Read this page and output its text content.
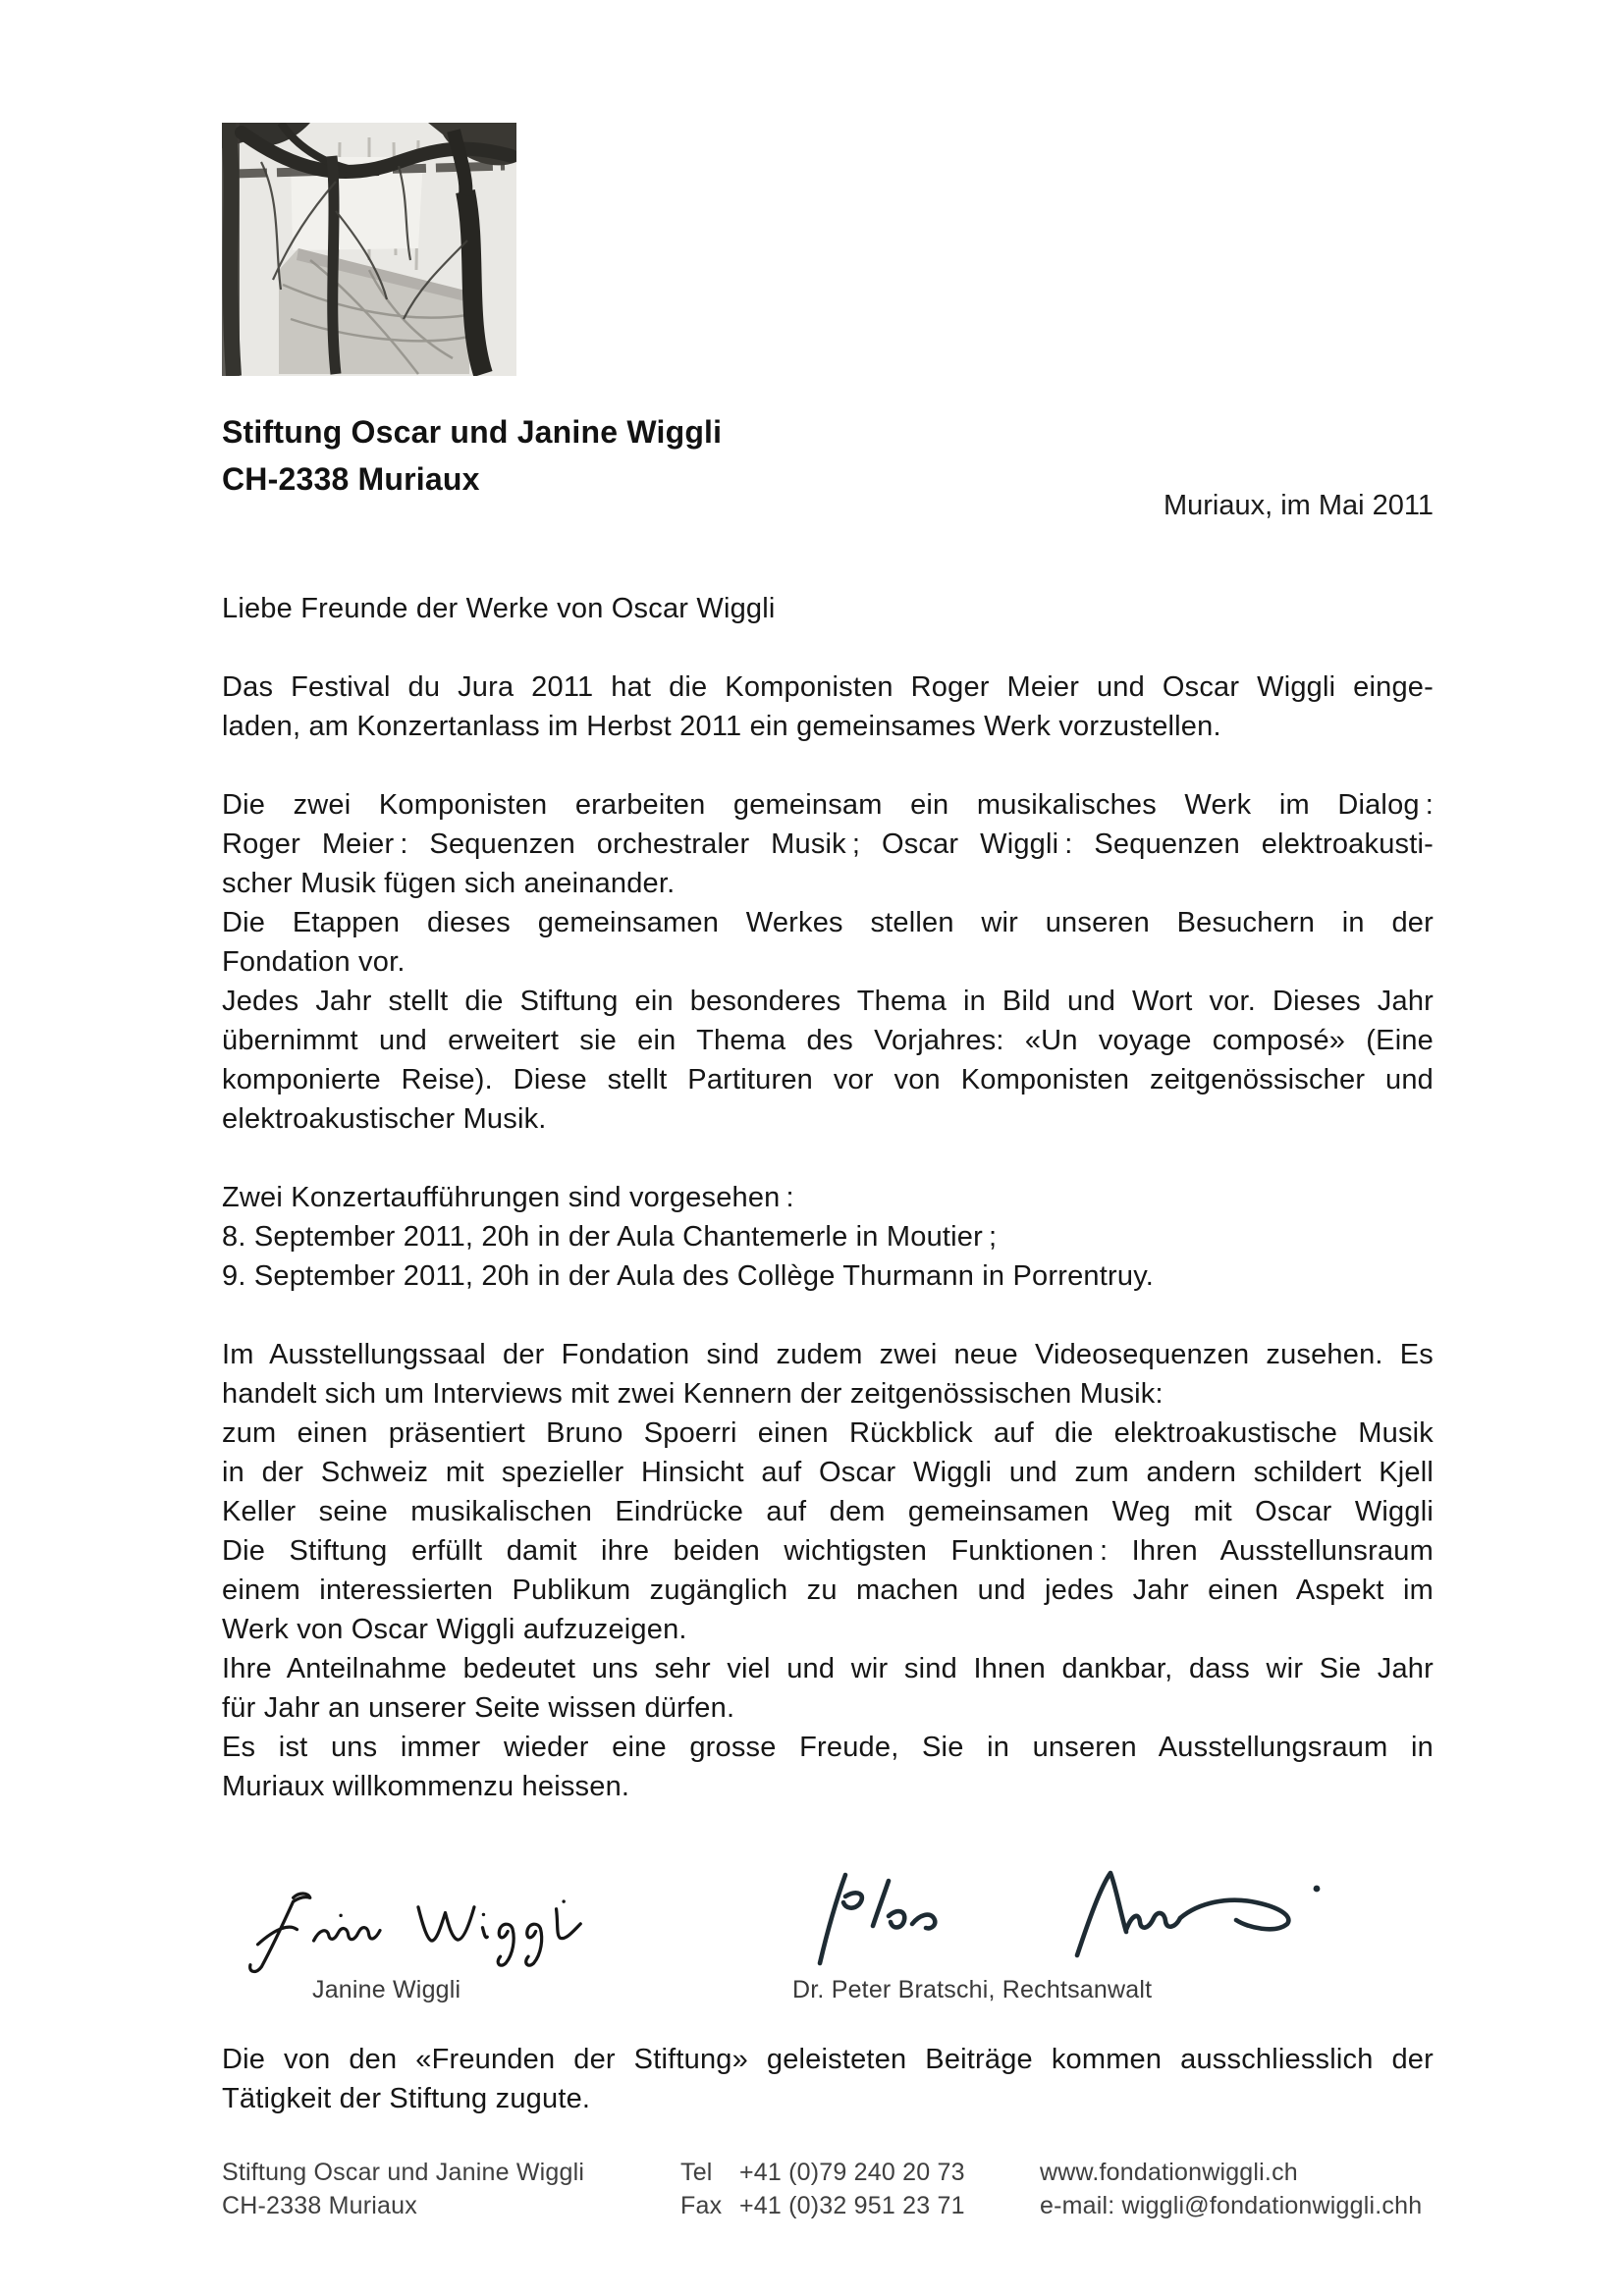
Stiftung Oscar und Janine Wiggli
CH-2338 Muriaux
Muriaux, im Mai 2011
Liebe Freunde der Werke von Oscar Wiggli
Das Festival du Jura 2011 hat die Komponisten Roger Meier und Oscar Wiggli einge-
laden, am Konzertanlass im Herbst 2011 ein gemeinsames Werk vorzustellen.
Die zwei Komponisten erarbeiten gemeinsam ein musikalisches Werk im Dialog :
Roger Meier : Sequenzen orchestraler Musik ; Oscar Wiggli : Sequenzen elektroakusti-
scher Musik fügen sich aneinander.
Die Etappen dieses gemeinsamen Werkes stellen wir unseren Besuchern in der
Fondation vor.
Jedes Jahr stellt die Stiftung ein besonderes Thema in Bild und Wort vor. Dieses Jahr
übernimmt und erweitert sie ein Thema des Vorjahres: «Un voyage composé» (Eine
komponierte Reise). Diese stellt Partituren vor von Komponisten zeitgenössischer und
elektroakustischer Musik.
Zwei Konzertaufführungen sind vorgesehen :
8. September 2011, 20h in der Aula Chantemerle in Moutier ;
9. September 2011, 20h in der Aula des Collège Thurmann in Porrentruy.
Im Ausstellungssaal der Fondation sind zudem zwei neue Videosequenzen zusehen. Es
handelt sich um Interviews mit zwei Kennern der zeitgenössischen Musik:
zum einen präsentiert Bruno Spoerri einen Rückblick auf die elektroakustische Musik
in der Schweiz mit spezieller Hinsicht auf Oscar Wiggli und zum andern schildert Kjell
Keller seine musikalischen Eindrücke auf dem gemeinsamen Weg mit Oscar Wiggli
Die Stiftung erfüllt damit ihre beiden wichtigsten Funktionen : Ihren Ausstellunsraum
einem interessierten Publikum zugänglich zu machen und jedes Jahr einen Aspekt im
Werk von Oscar Wiggli aufzuzeigen.
Ihre Anteilnahme bedeutet uns sehr viel und wir sind Ihnen dankbar, dass wir Sie Jahr
für Jahr an unserer Seite wissen dürfen.
Es ist uns immer wieder eine grosse Freude, Sie in unseren Ausstellungsraum in
Muriaux willkommenzu heissen.
Janine Wiggli	Dr. Peter Bratschi, Rechtsanwalt
Die von den «Freunden der Stiftung» geleisteten Beiträge kommen ausschliesslich der
Tätigkeit der Stiftung zugute.
Stiftung Oscar und Janine Wiggli
CH-2338 Muriaux
Tel +41 (0)79 240 20 73
Fax +41 (0)32 951 23 71
www.fondationwiggli.ch
e-mail: wiggli@fondationwiggli.chh
